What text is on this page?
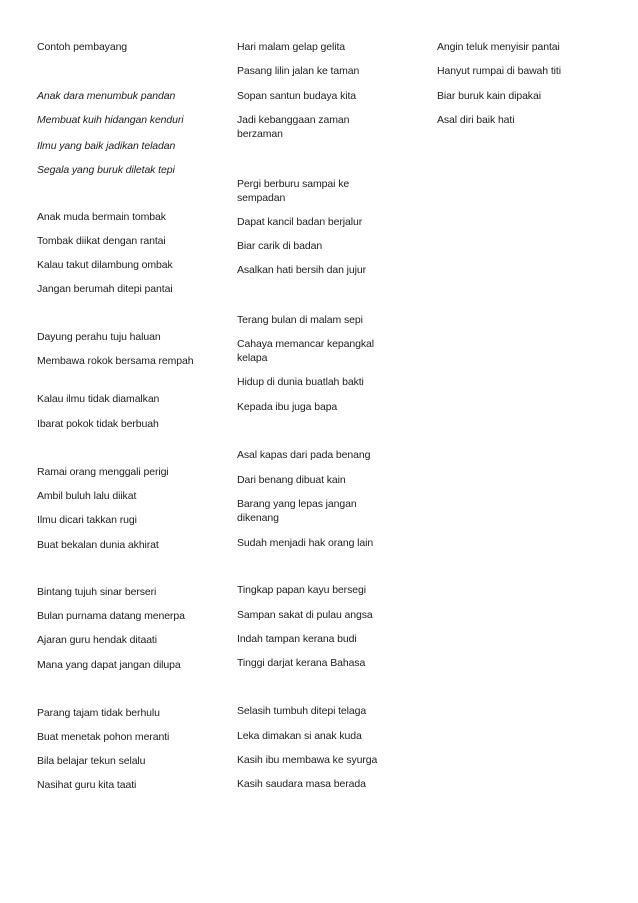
Contoh pembayang
Anak dara menumbuk pandan
Membuat kuih hidangan kenduri
Ilmu yang baik jadikan teladan
Segala yang buruk diletak tepi
Anak muda bermain tombak
Tombak diikat dengan rantai
Kalau takut dilambung ombak
Jangan berumah ditepi pantai
Dayung perahu tuju haluan
Membawa rokok bersama rempah
Kalau ilmu tidak diamalkan
Ibarat pokok tidak berbuah
Ramai orang menggali perigi
Ambil buluh lalu diikat
Ilmu dicari takkan rugi
Buat bekalan dunia akhirat
Bintang tujuh sinar berseri
Bulan purnama datang menerpa
Ajaran guru hendak ditaati
Mana yang dapat jangan dilupa
Parang tajam tidak berhulu
Buat menetak pohon meranti
Bila belajar tekun selalu
Nasihat guru kita taati
Hari malam gelap gelita
Pasang lilin jalan ke taman
Sopan santun budaya kita
Jadi kebanggaan zaman berzaman
Pergi berburu sampai ke sempadan
Dapat kancil badan berjalur
Biar carik di badan
Asalkan hati bersih dan jujur
Terang bulan di malam sepi
Cahaya memancar kepangkal kelapa
Hidup di dunia buatlah bakti
Kepada ibu juga bapa
Asal kapas dari pada benang
Dari benang dibuat kain
Barang yang lepas jangan dikenang
Sudah menjadi hak orang lain
Tingkap papan kayu bersegi
Sampan sakat di pulau angsa
Indah tampan kerana budi
Tinggi darjat kerana Bahasa
Selasih tumbuh ditepi telaga
Leka dimakan si anak kuda
Kasih ibu membawa ke syurga
Kasih saudara masa berada
Angin teluk menyisir pantai
Hanyut rumpai di bawah titi
Biar buruk kain dipakai
Asal diri baik hati
